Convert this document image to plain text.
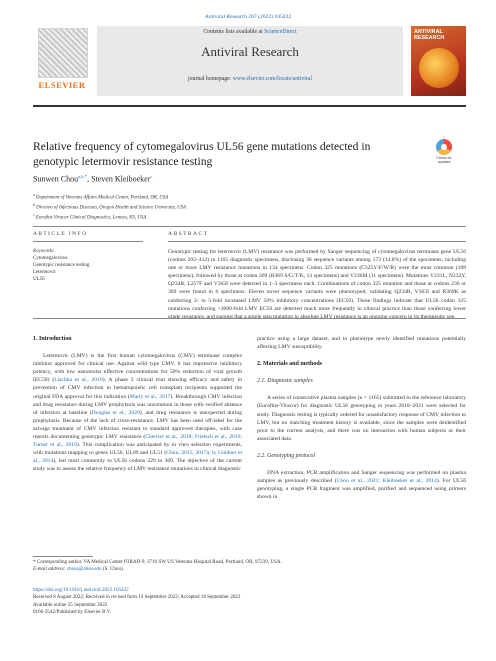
Antiviral Research 207 (2022) 105422
ELSEVIER
Contents lists available at ScienceDirect
Antiviral Research
journal homepage: www.elsevier.com/locate/antiviral
ANTIVIRAL RESEARCH
Relative frequency of cytomegalovirus UL56 gene mutations detected in genotypic letermovir resistance testing	Check for updates
Sunwen Chou$^{a,b,*}$, Steven Kleiboeker$^c$
$^a$ Department of Veterans Affairs Medical Center, Portland, OR, USA
$^b$ Division of Infectious Diseases, Oregon Health and Science University, USA
$^c$ Eurofins Viracor Clinical Diagnostics, Lenexa, KS, USA
ARTICLE INFO	ABSTRACT
Keywords:
Cytomegalovirus
Genotypic resistance testing
Letermovir
UL56

Genotypic testing for letermovir (LMV) resistance was performed by Sanger sequencing of cytomegalovirus terminase gene UL56 (codons 202–412) in 1165 diagnostic specimens, disclosing 36 sequence variants among 173 (14.8%) of the specimens, including one or more LMV resistance mutations in 134 specimens. Codon 325 mutations (C325Y/F/W/R) were the most common (108 specimens), followed by those at codon 369 (R369 S/G/T/K, 13 specimens) and V236M (11 specimens). Mutations V231L, N232Y, Q234R, L257F and V363I were detected in 1–3 specimens each. Combinations of codon 325 mutation and those at codons 236 or 369 were found in 6 specimens. Eleven novel sequence variants were phenotyped, validating Q234R, V363I and R369K as conferring 2- to 5-fold increased LMV 50% inhibitory concentrations (EC50). These findings indicate that UL56 codon 325 mutations conferring >3000-fold LMV EC50 are detected much more frequently in clinical practice than those conferring lower grade resistance, and suggest that a single step mutation to absolute LMV resistance is an ongoing concern in its therapeutic use.

1. Introduction

Letermovir (LMV) is the first human cytomegalovirus (CMV) terminase complex inhibitor approved for clinical use. Against wild type CMV, it has impressive inhibitory potency, with low nanomolar effective concentrations for 50% reduction of viral growth (EC50) (Lischka et al., 2010). A phase 3 clinical trial showing efficacy and safety in prevention of CMV infection in hematopoietic cell transplant recipients supported the original FDA approval for this indication (Marty et al., 2017). Breakthrough CMV infection and drug resistance during LMV prophylaxis was uncommon in those with verified absence of infection at baseline (Douglas et al., 2020), and drug resistance is unexpected during prophylaxis. Because of the lack of cross-resistance, LMV has been used off-label for the salvage treatment of CMV infection resistant to standard approved therapies, with case reports documenting genotypic LMV resistance (Cherrier et al., 2018; Frietsch et al., 2019; Turner et al., 2019). This complication was anticipated by in vitro selection experiments, with mutations mapping to genes UL56, UL89 and UL51 (Chou, 2015, 2017a, b; Goldner et al., 2014), but most commonly to UL56 codons 229 to 369. The objective of the current study was to assess the relative frequency of LMV resistance mutations in clinical diagnostic

practice using a large dataset, and to phenotype newly identified mutations potentially affecting LMV susceptibility.

2. Materials and methods
2.1. Diagnostic samples

A series of consecutive plasma samples (n = 1165) submitted to the reference laboratory (Eurofins-Viracor) for diagnostic UL56 genotyping in years 2018–2021 were selected for study. Diagnostic testing is typically ordered for unsatisfactory response of CMV infection to LMV, but no matching treatment history is available, since the samples were deidentified prior to the current analysis, and there was no interaction with human subjects or their associated data.

2.2. Genotyping protocol

DNA extraction, PCR amplification and Sanger sequencing was performed on plasma samples as previously described (Chou et al., 2021; Kleiboeker et al., 2014). For UL56 genotyping, a single PCR fragment was amplified, purified and sequenced using primers shown in

* Corresponding author. VA Medical Center P3RAD-9, 3710 SW US Veterans Hospital Road, Portland, OR, 97239, USA.
E-mail address: chous@ohsu.edu (S. Chou).
https://doi.org/10.1016/j.antiviral.2022.105422
Received 8 August 2022; Received in revised form 13 September 2022; Accepted 18 September 2022
Available online 25 September 2022
0166-3542/Published by Elsevier B.V.
